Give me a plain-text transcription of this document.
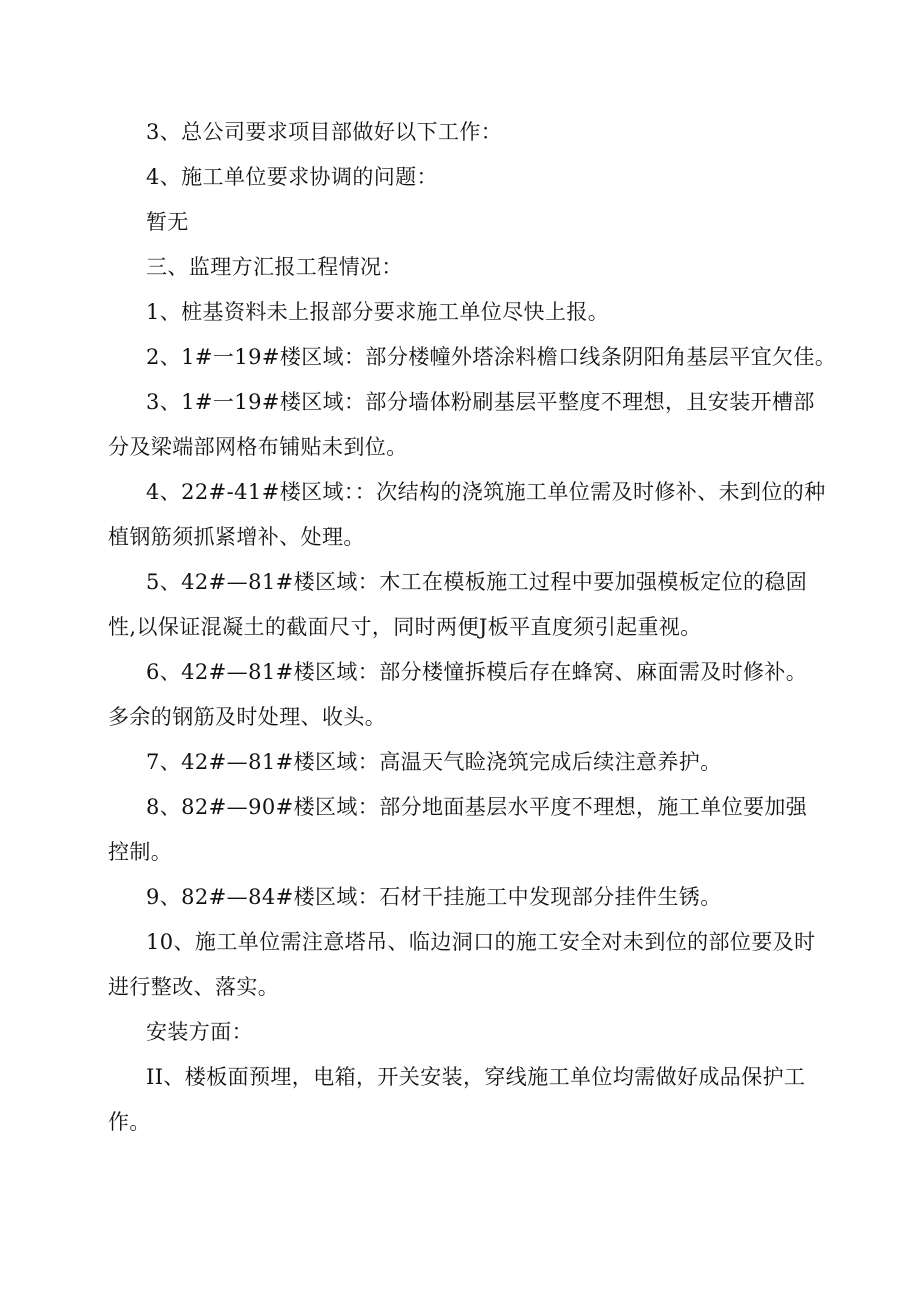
3、总公司要求项目部做好以下工作：

4、施工单位要求协调的问题：

暂无

三、监理方汇报工程情况：

1、桩基资料未上报部分要求施工单位尽快上报。

2、1#一19#楼区域：部分楼幢外塔涂料檐口线条阴阳角基层平宜欠佳。

3、1#一19#楼区域：部分墙体粉刷基层平整度不理想，且安装开槽部分及梁端部网格布铺贴未到位。

4、22#-41#楼区域：：次结构的浇筑施工单位需及时修补、未到位的种植钢筋须抓紧增补、处理。

5、42#—81#楼区域：木工在模板施工过程中要加强模板定位的稳固性,以保证混凝土的截面尺寸，同时两便J板平直度须引起重视。

6、42#—81#楼区域：部分楼憧拆模后存在蜂窝、麻面需及时修补。多余的钢筋及时处理、收头。

7、42#—81#楼区域：高温天气睑浇筑完成后续注意养护。

8、82#—90#楼区域：部分地面基层水平度不理想，施工单位要加强控制。

9、82#—84#楼区域：石材干挂施工中发现部分挂件生锈。

10、施工单位需注意塔吊、临边洞口的施工安全对未到位的部位要及时进行整改、落实。

安装方面：

II、楼板面预埋，电箱，开关安装，穿线施工单位均需做好成品保护工作。
